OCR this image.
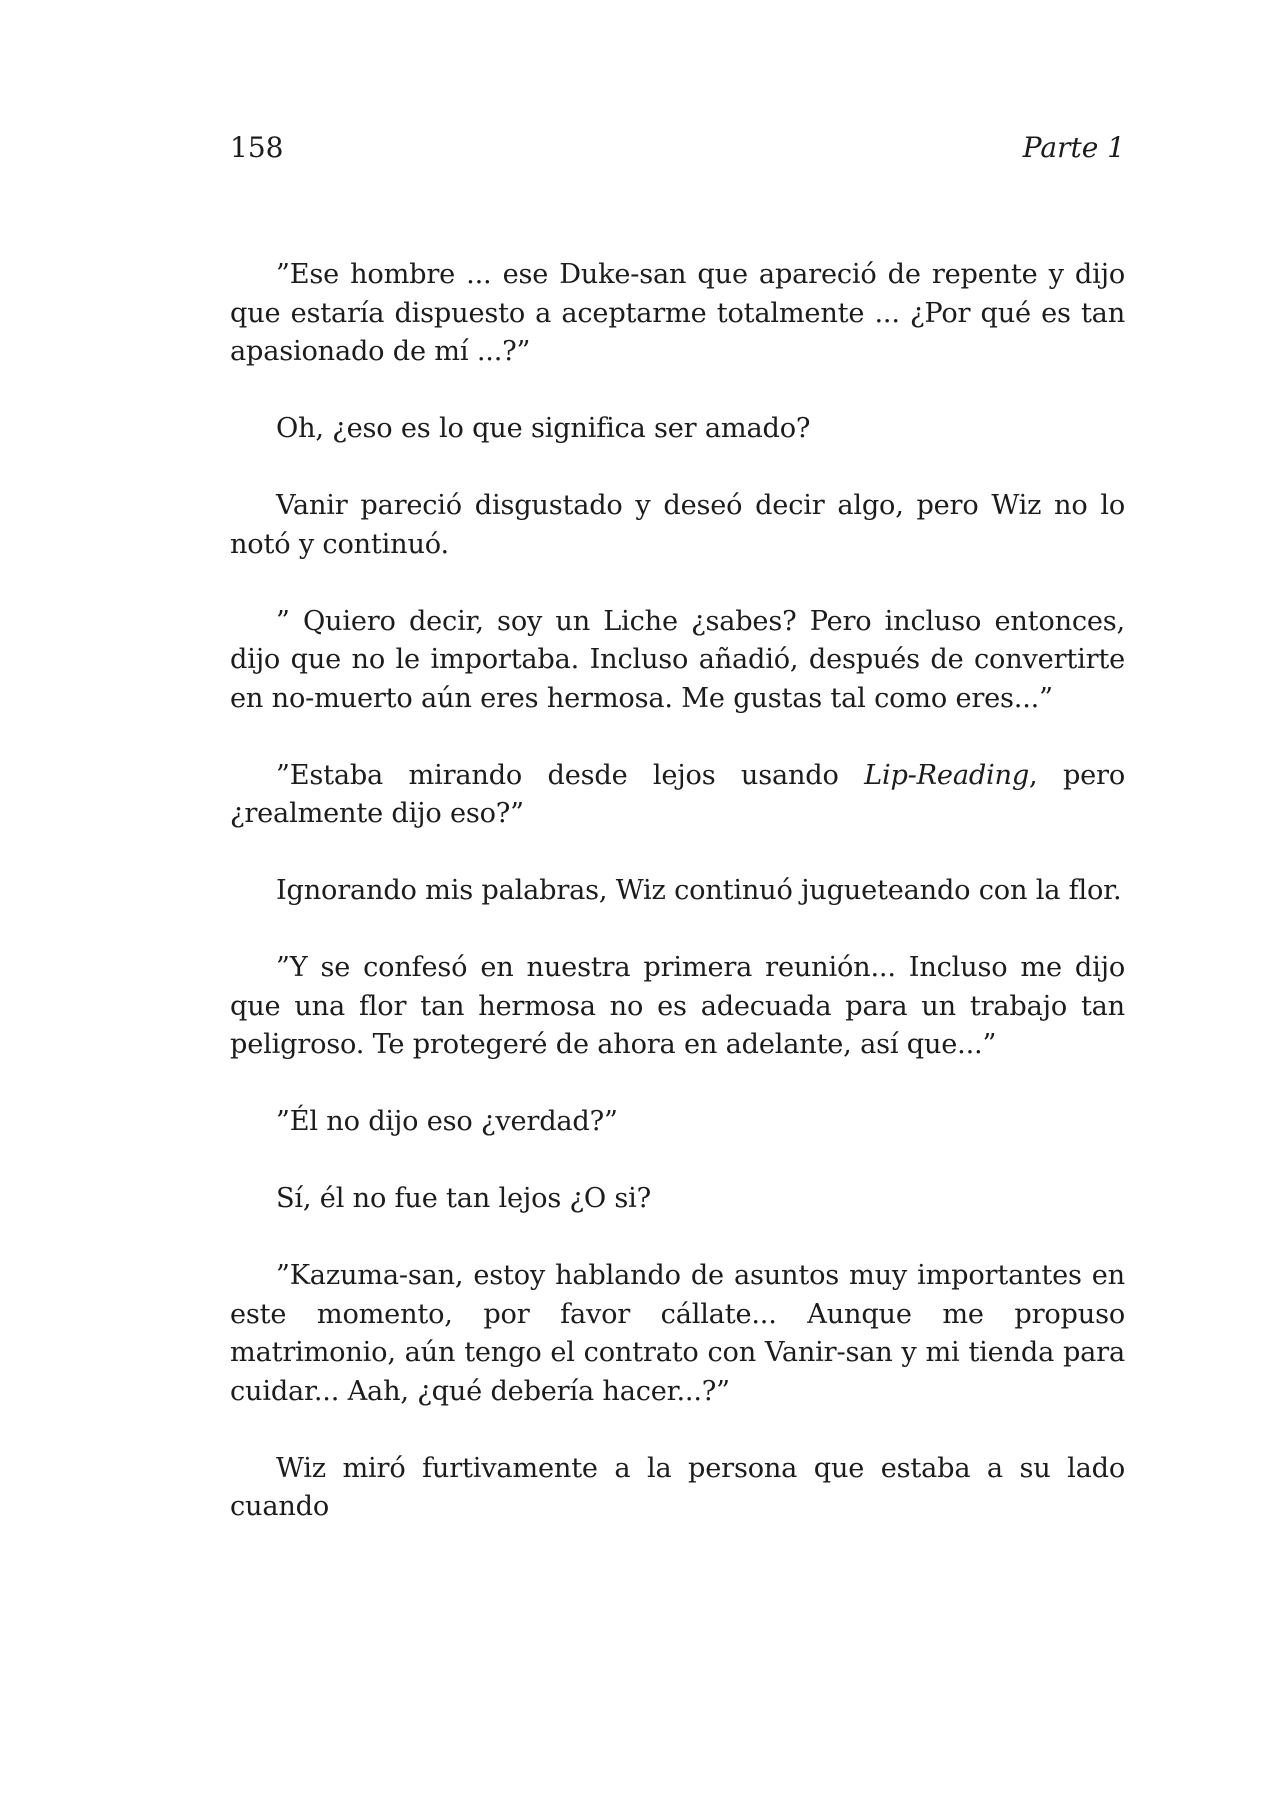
158	Parte 1

”Ese hombre ... ese Duke-san que apareció de repente y dijo que estaría dispuesto a aceptarme totalmente ... ¿Por qué es tan apasionado de mí ...?”

Oh, ¿eso es lo que significa ser amado?

Vanir pareció disgustado y deseó decir algo, pero Wiz no lo notó y continuó.

” Quiero decir, soy un Liche ¿sabes? Pero incluso entonces, dijo que no le importaba. Incluso añadió, después de convertirte en no-muerto aún eres hermosa. Me gustas tal como eres...”

”Estaba mirando desde lejos usando Lip-Reading, pero ¿realmente dijo eso?”

Ignorando mis palabras, Wiz continuó jugueteando con la flor.

”Y se confesó en nuestra primera reunión... Incluso me dijo que una flor tan hermosa no es adecuada para un trabajo tan peligroso. Te protegeré de ahora en adelante, así que...”

”Él no dijo eso ¿verdad?”

Sí, él no fue tan lejos ¿O si?

”Kazuma-san, estoy hablando de asuntos muy importantes en este momento, por favor cállate... Aunque me propuso matrimonio, aún tengo el contrato con Vanir-san y mi tienda para cuidar... Aah, ¿qué debería hacer...?”

Wiz miró furtivamente a la persona que estaba a su lado cuando
